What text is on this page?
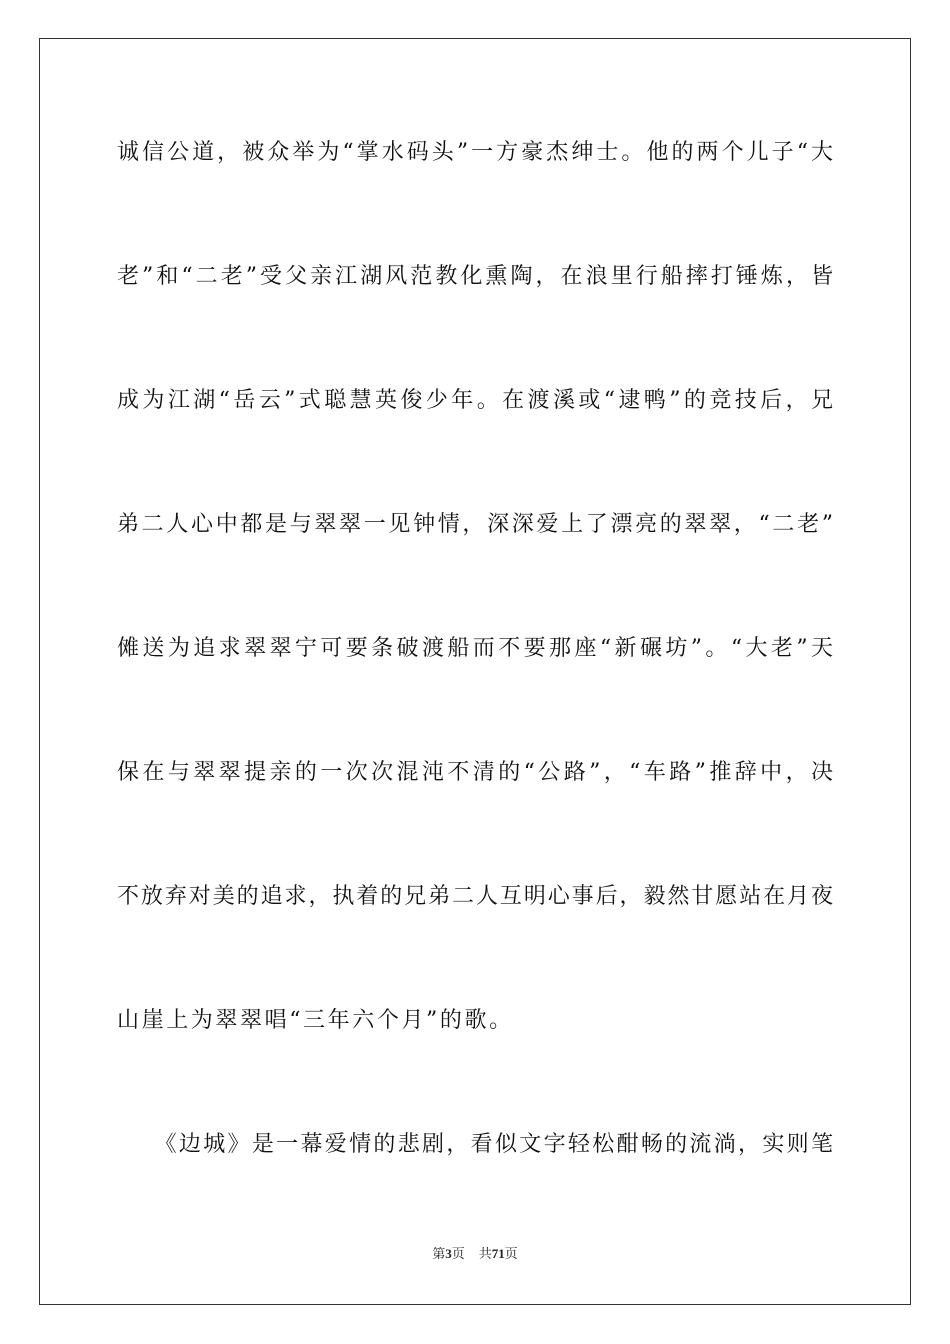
诚信公道，被众举为“掌水码头”一方豪杰绅士。他的两个儿子“大
老”和“二老”受父亲江湖风范教化熏陶，在浪里行船摔打锤炼，皆
成为江湖“岳云”式聪慧英俊少年。在渡溪或“逮鸭”的竞技后，兄
弟二人心中都是与翠翠一见钟情，深深爱上了漂亮的翠翠，“二老”
傩送为追求翠翠宁可要条破渡船而不要那座“新碾坊”。“大老”天
保在与翠翠提亲的一次次混沌不清的“公路”，“车路”推辞中，决
不放弃对美的追求，执着的兄弟二人互明心事后，毅然甘愿站在月夜
山崖上为翠翠唱“三年六个月”的歌。
　　《边城》是一幕爱情的悲剧，看似文字轻松酣畅的流淌，实则笔
第3页 共71页
